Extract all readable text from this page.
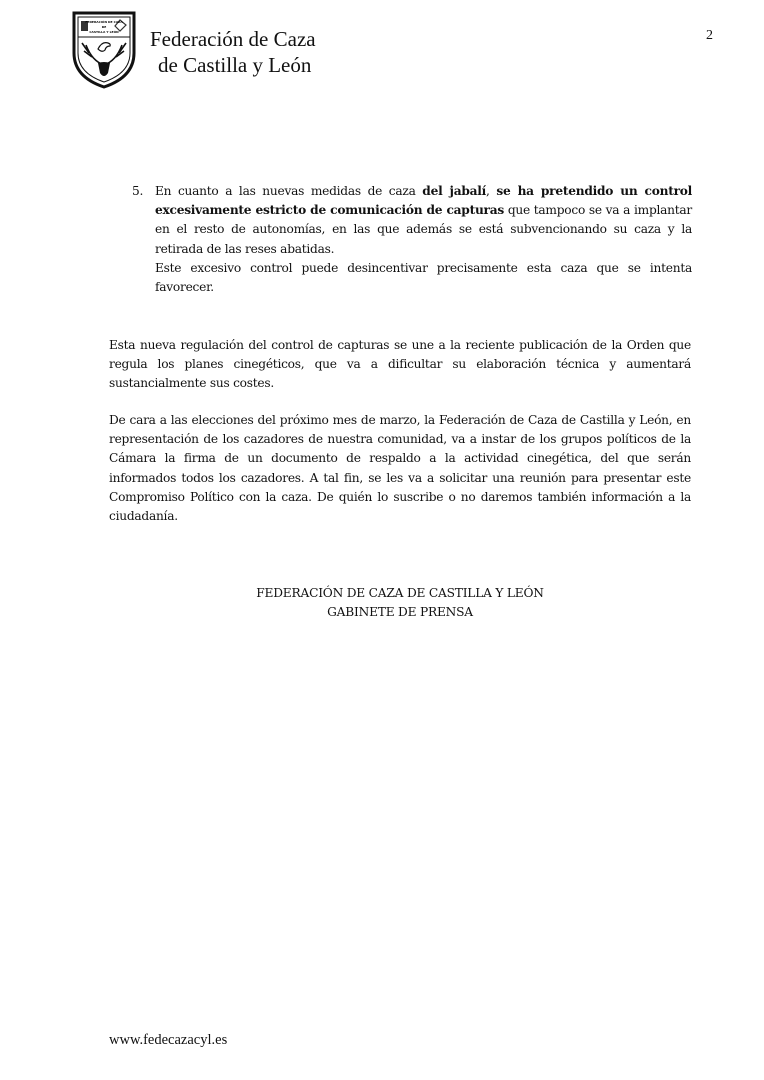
FEDERACIÓN DE CAZA
DE
CASTILLA Y LEÓN Federación de Caza
de Castilla y León
2
5. En cuanto a las nuevas medidas de caza del jabalí, se ha pretendido un control excesivamente estricto de comunicación de capturas que tampoco se va a implantar en el resto de autonomías, en las que además se está subvencionando su caza y la retirada de las reses abatidas.
Este excesivo control puede desincentivar precisamente esta caza que se intenta favorecer.

Esta nueva regulación del control de capturas se une a la reciente publicación de la Orden que regula los planes cinegéticos, que va a dificultar su elaboración técnica y aumentará sustancialmente sus costes.

De cara a las elecciones del próximo mes de marzo, la Federación de Caza de Castilla y León, en representación de los cazadores de nuestra comunidad, va a instar de los grupos políticos de la Cámara la firma de un documento de respaldo a la actividad cinegética, del que serán informados todos los cazadores. A tal fin, se les va a solicitar una reunión para presentar este Compromiso Político con la caza. De quién lo suscribe o no daremos también información a la ciudadanía.

FEDERACIÓN DE CAZA DE CASTILLA Y LEÓN
GABINETE DE PRENSA
www.fedecazacyl.es
